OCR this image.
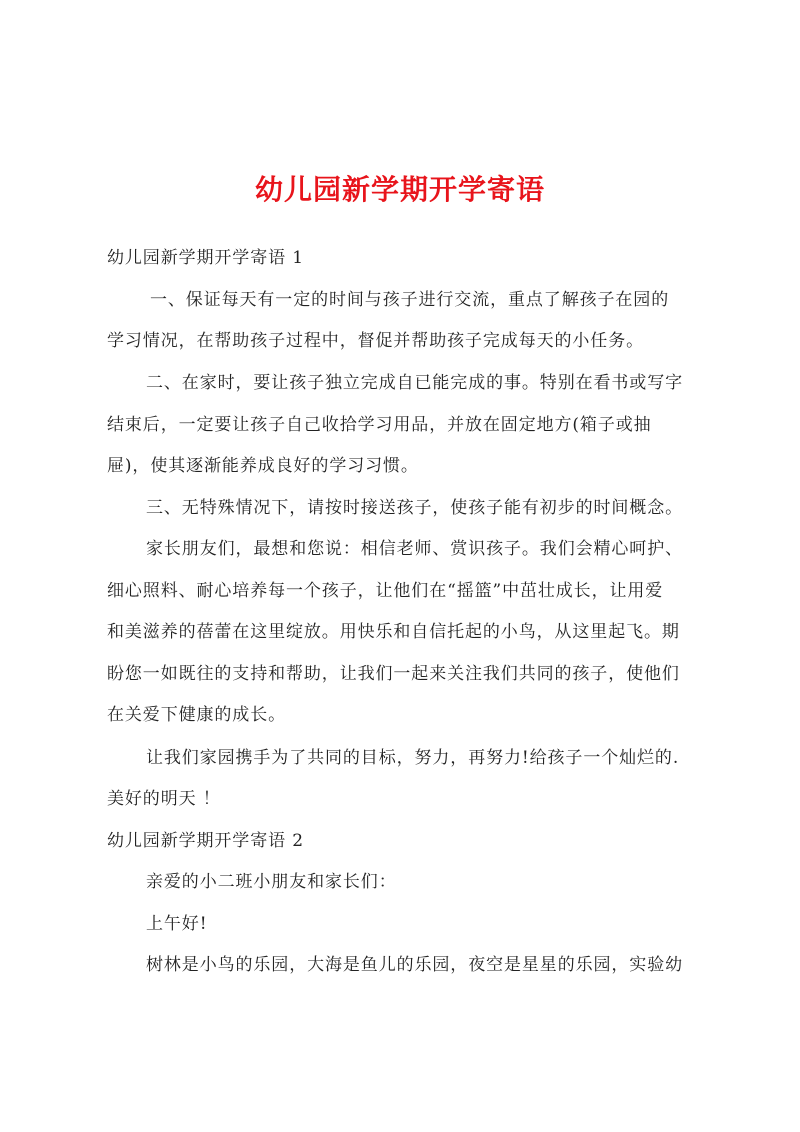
幼儿园新学期开学寄语
幼儿园新学期开学寄语 1
一、保证每天有一定的时间与孩子进行交流，重点了解孩子在园的
学习情况，在帮助孩子过程中，督促并帮助孩子完成每天的小任务。
二、在家时，要让孩子独立完成自已能完成的事。特别在看书或写字
结束后，一定要让孩子自己收拾学习用品，并放在固定地方(箱子或抽
屉)，使其逐渐能养成良好的学习习惯。
三、无特殊情况下，请按时接送孩子，使孩子能有初步的时间概念。
家长朋友们，最想和您说：相信老师、赏识孩子。我们会精心呵护、
细心照料、耐心培养每一个孩子，让他们在“摇篮”中茁壮成长，让用爱
和美滋养的蓓蕾在这里绽放。用快乐和自信托起的小鸟，从这里起飞。期
盼您一如既往的支持和帮助，让我们一起来关注我们共同的孩子，使他们
在关爱下健康的成长。
让我们家园携手为了共同的目标，努力，再努力!给孩子一个灿烂的.
美好的明天 ！
幼儿园新学期开学寄语 2
亲爱的小二班小朋友和家长们：
上午好!
树林是小鸟的乐园，大海是鱼儿的乐园，夜空是星星的乐园，实验幼
